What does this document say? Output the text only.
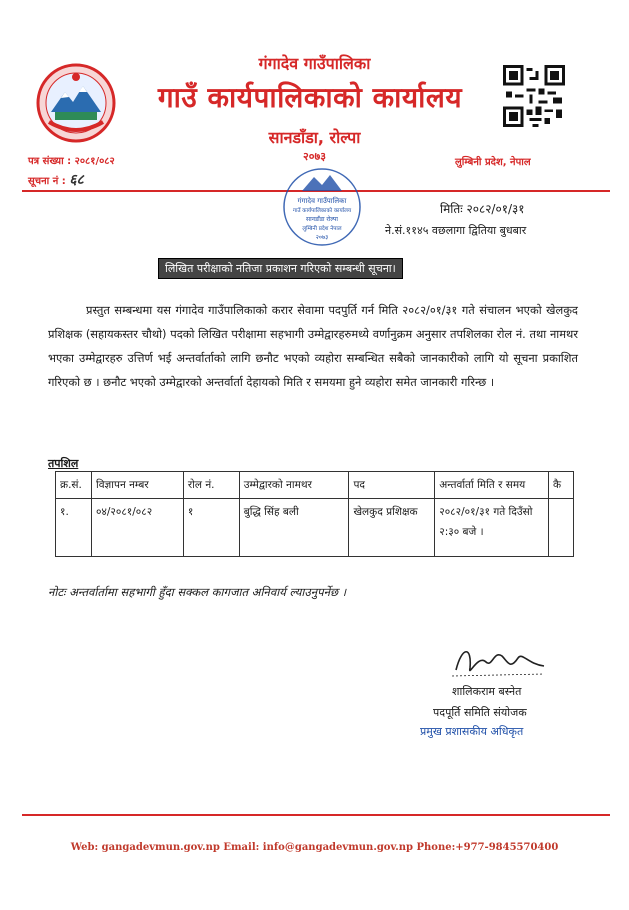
गंगादेव गाउँपालिका
गाउँ कार्यपालिकाको कार्यालय
सानडाँडा, रोल्पा
२०७३
पत्र संख्या : २०८१/०८२
सूचना नं : ६८
लुम्बिनी प्रदेश, नेपाल
गंगादेव गाउँपालिका
गाउँ कार्यपालिकाको कार्यालय
सानडाँडा रोल्पा
लुम्बिनी प्रदेश नेपाल
२०७३
मितिः २०८२/०१/३१
ने.सं.११४५ वछलागा द्वितिया बुधबार
लिखित परीक्षाको नतिजा प्रकाशन गरिएको सम्बन्धी सूचना।
प्रस्तुत सम्बन्धमा यस गंगादेव गाउँपालिकाको करार सेवामा पदपुर्ति गर्न मिति २०८२/०१/३१ गते संचालन भएको खेलकुद प्रशिक्षक (सहायकस्तर चौथो) पदको लिखित परीक्षामा सहभागी उम्मेद्वारहरुमध्ये वर्णानुक्रम अनुसार तपशिलका रोल नं. तथा नामथर भएका उम्मेद्वारहरु उत्तिर्ण भई अन्तर्वार्ताको लागि छनौट भएको व्यहोरा सम्बन्धित सबैको जानकारीको लागि यो सूचना प्रकाशित गरिएको छ । छनौट भएको उम्मेद्वारको अन्तर्वार्ता देहायको मिति र समयमा हुने व्यहोरा समेत जानकारी गरिन्छ ।
तपशिल
क्र.सं.	विज्ञापन नम्बर	रोल नं.	उम्मेद्वारको नामथर	पद	अन्तर्वार्ता मिति र समय	कै
१.	०४/२०८१/०८२	१	बुद्धि सिंह बली	खेलकुद प्रशिक्षक	२०८२/०१/३१ गते दिउँसो २:३० बजे ।	
नोटः अन्तर्वार्तामा सहभागी हुँदा सक्कल कागजात अनिवार्य ल्याउनुपर्नेछ ।
शालिकराम बस्नेत
पदपूर्ति समिति संयोजक
प्रमुख प्रशासकीय अधिकृत
Web: gangadevmun.gov.np Email: info@gangadevmun.gov.np Phone:+977-9845570400
